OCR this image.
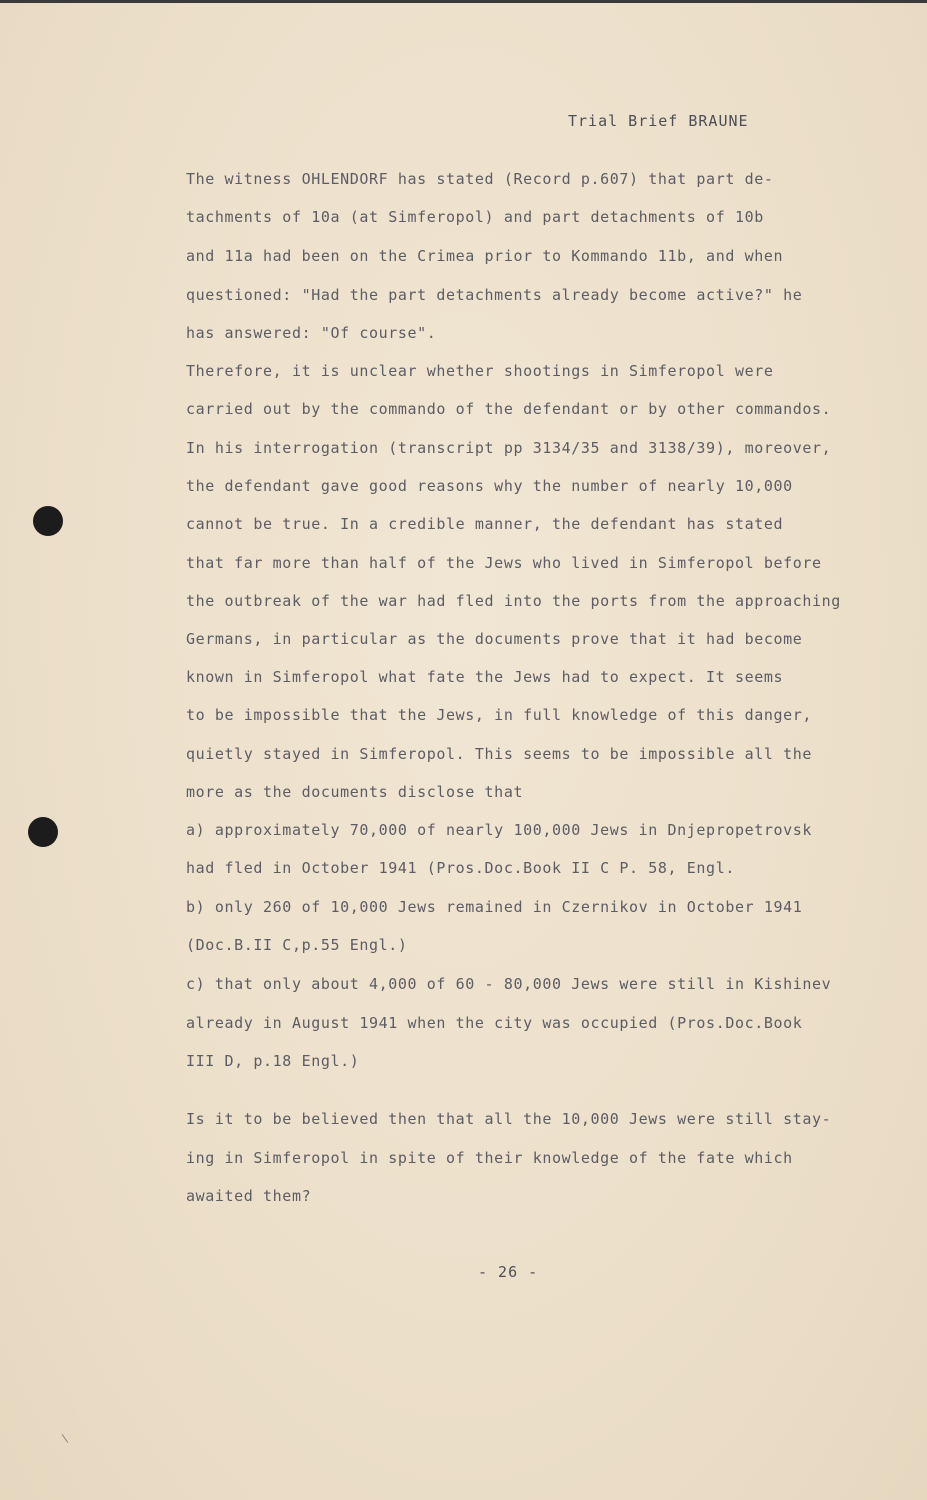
Trial Brief BRAUNE
The witness OHLENDORF has stated (Record p.607) that part de-
tachments of 10a (at Simferopol) and part detachments of 10b
and 11a had been on the Crimea prior to Kommando 11b, and when
questioned: "Had the part detachments already become active?" he
has answered: "Of course".
Therefore, it is unclear whether shootings in Simferopol were
carried out by the commando of the defendant or by other commandos.
In his interrogation (transcript pp 3134/35 and 3138/39), moreover,
the defendant gave good reasons why the number of nearly 10,000
cannot be true. In a credible manner, the defendant has stated
that far more than half of the Jews who lived in Simferopol before
the outbreak of the war had fled into the ports from the approaching
Germans, in particular as the documents prove that it had become
known in Simferopol what fate the Jews had to expect. It seems
to be impossible that the Jews, in full knowledge of this danger,
quietly stayed in Simferopol. This seems to be impossible all the
more as the documents disclose that
a) approximately 70,000 of nearly 100,000 Jews in Dnjepropetrovsk
had fled in October 1941 (Pros.Doc.Book II C P. 58, Engl.
b) only 260 of 10,000 Jews remained in Czernikov in October 1941
(Doc.B.II C,p.55 Engl.)
c) that only about 4,000 of 60 - 80,000 Jews were still in Kishinev
already in August 1941 when the city was occupied (Pros.Doc.Book
III D, p.18 Engl.)
Is it to be believed then that all the 10,000 Jews were still stay-
ing in Simferopol in spite of their knowledge of the fate which
awaited them?
- 26 -
